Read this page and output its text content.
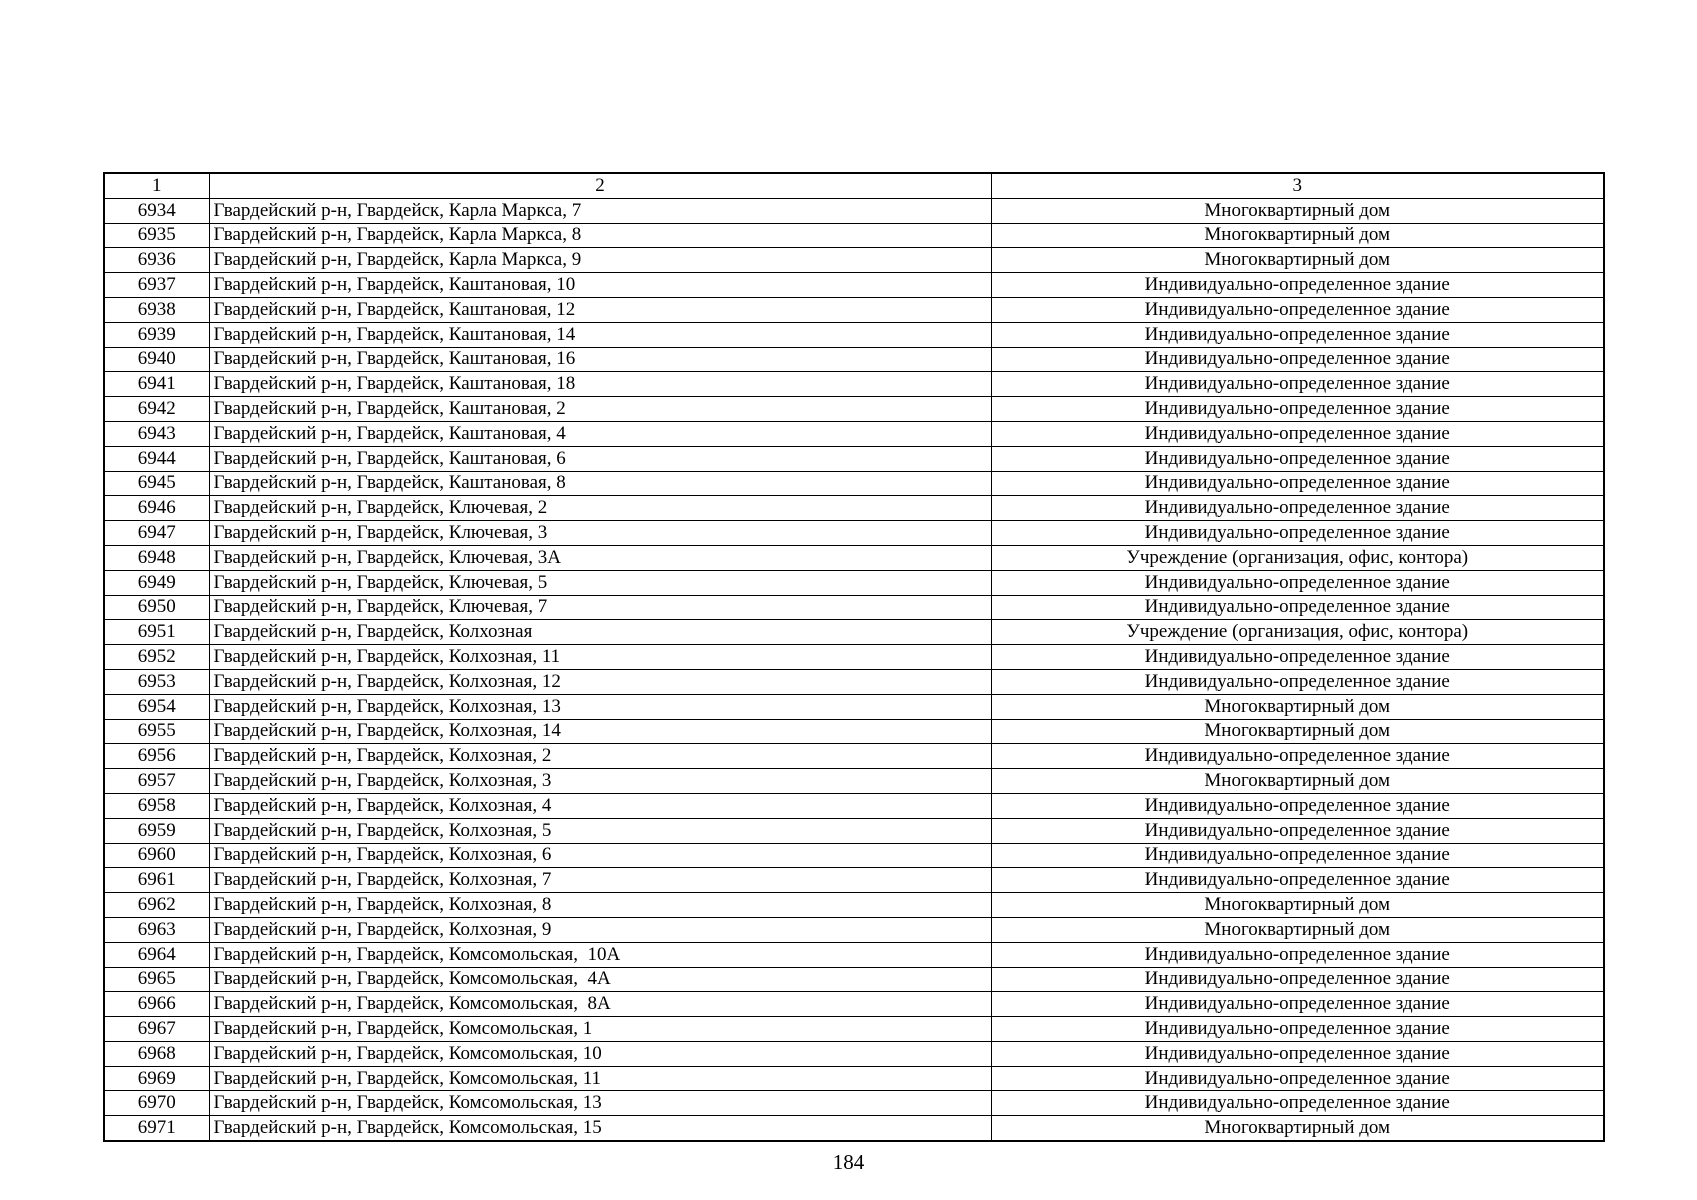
1	2	3
6934	Гвардейский р-н, Гвардейск, Карла Маркса, 7	Многоквартирный дом
6935	Гвардейский р-н, Гвардейск, Карла Маркса, 8	Многоквартирный дом
6936	Гвардейский р-н, Гвардейск, Карла Маркса, 9	Многоквартирный дом
6937	Гвардейский р-н, Гвардейск, Каштановая, 10	Индивидуально-определенное здание
6938	Гвардейский р-н, Гвардейск, Каштановая, 12	Индивидуально-определенное здание
6939	Гвардейский р-н, Гвардейск, Каштановая, 14	Индивидуально-определенное здание
6940	Гвардейский р-н, Гвардейск, Каштановая, 16	Индивидуально-определенное здание
6941	Гвардейский р-н, Гвардейск, Каштановая, 18	Индивидуально-определенное здание
6942	Гвардейский р-н, Гвардейск, Каштановая, 2	Индивидуально-определенное здание
6943	Гвардейский р-н, Гвардейск, Каштановая, 4	Индивидуально-определенное здание
6944	Гвардейский р-н, Гвардейск, Каштановая, 6	Индивидуально-определенное здание
6945	Гвардейский р-н, Гвардейск, Каштановая, 8	Индивидуально-определенное здание
6946	Гвардейский р-н, Гвардейск, Ключевая, 2	Индивидуально-определенное здание
6947	Гвардейский р-н, Гвардейск, Ключевая, 3	Индивидуально-определенное здание
6948	Гвардейский р-н, Гвардейск, Ключевая, 3А	Учреждение (организация, офис, контора)
6949	Гвардейский р-н, Гвардейск, Ключевая, 5	Индивидуально-определенное здание
6950	Гвардейский р-н, Гвардейск, Ключевая, 7	Индивидуально-определенное здание
6951	Гвардейский р-н, Гвардейск, Колхозная	Учреждение (организация, офис, контора)
6952	Гвардейский р-н, Гвардейск, Колхозная, 11	Индивидуально-определенное здание
6953	Гвардейский р-н, Гвардейск, Колхозная, 12	Индивидуально-определенное здание
6954	Гвардейский р-н, Гвардейск, Колхозная, 13	Многоквартирный дом
6955	Гвардейский р-н, Гвардейск, Колхозная, 14	Многоквартирный дом
6956	Гвардейский р-н, Гвардейск, Колхозная, 2	Индивидуально-определенное здание
6957	Гвардейский р-н, Гвардейск, Колхозная, 3	Многоквартирный дом
6958	Гвардейский р-н, Гвардейск, Колхозная, 4	Индивидуально-определенное здание
6959	Гвардейский р-н, Гвардейск, Колхозная, 5	Индивидуально-определенное здание
6960	Гвардейский р-н, Гвардейск, Колхозная, 6	Индивидуально-определенное здание
6961	Гвардейский р-н, Гвардейск, Колхозная, 7	Индивидуально-определенное здание
6962	Гвардейский р-н, Гвардейск, Колхозная, 8	Многоквартирный дом
6963	Гвардейский р-н, Гвардейск, Колхозная, 9	Многоквартирный дом
6964	Гвардейский р-н, Гвардейск, Комсомольская,  10А	Индивидуально-определенное здание
6965	Гвардейский р-н, Гвардейск, Комсомольская,  4А	Индивидуально-определенное здание
6966	Гвардейский р-н, Гвардейск, Комсомольская,  8А	Индивидуально-определенное здание
6967	Гвардейский р-н, Гвардейск, Комсомольская, 1	Индивидуально-определенное здание
6968	Гвардейский р-н, Гвардейск, Комсомольская, 10	Индивидуально-определенное здание
6969	Гвардейский р-н, Гвардейск, Комсомольская, 11	Индивидуально-определенное здание
6970	Гвардейский р-н, Гвардейск, Комсомольская, 13	Индивидуально-определенное здание
6971	Гвардейский р-н, Гвардейск, Комсомольская, 15	Многоквартирный дом
184
